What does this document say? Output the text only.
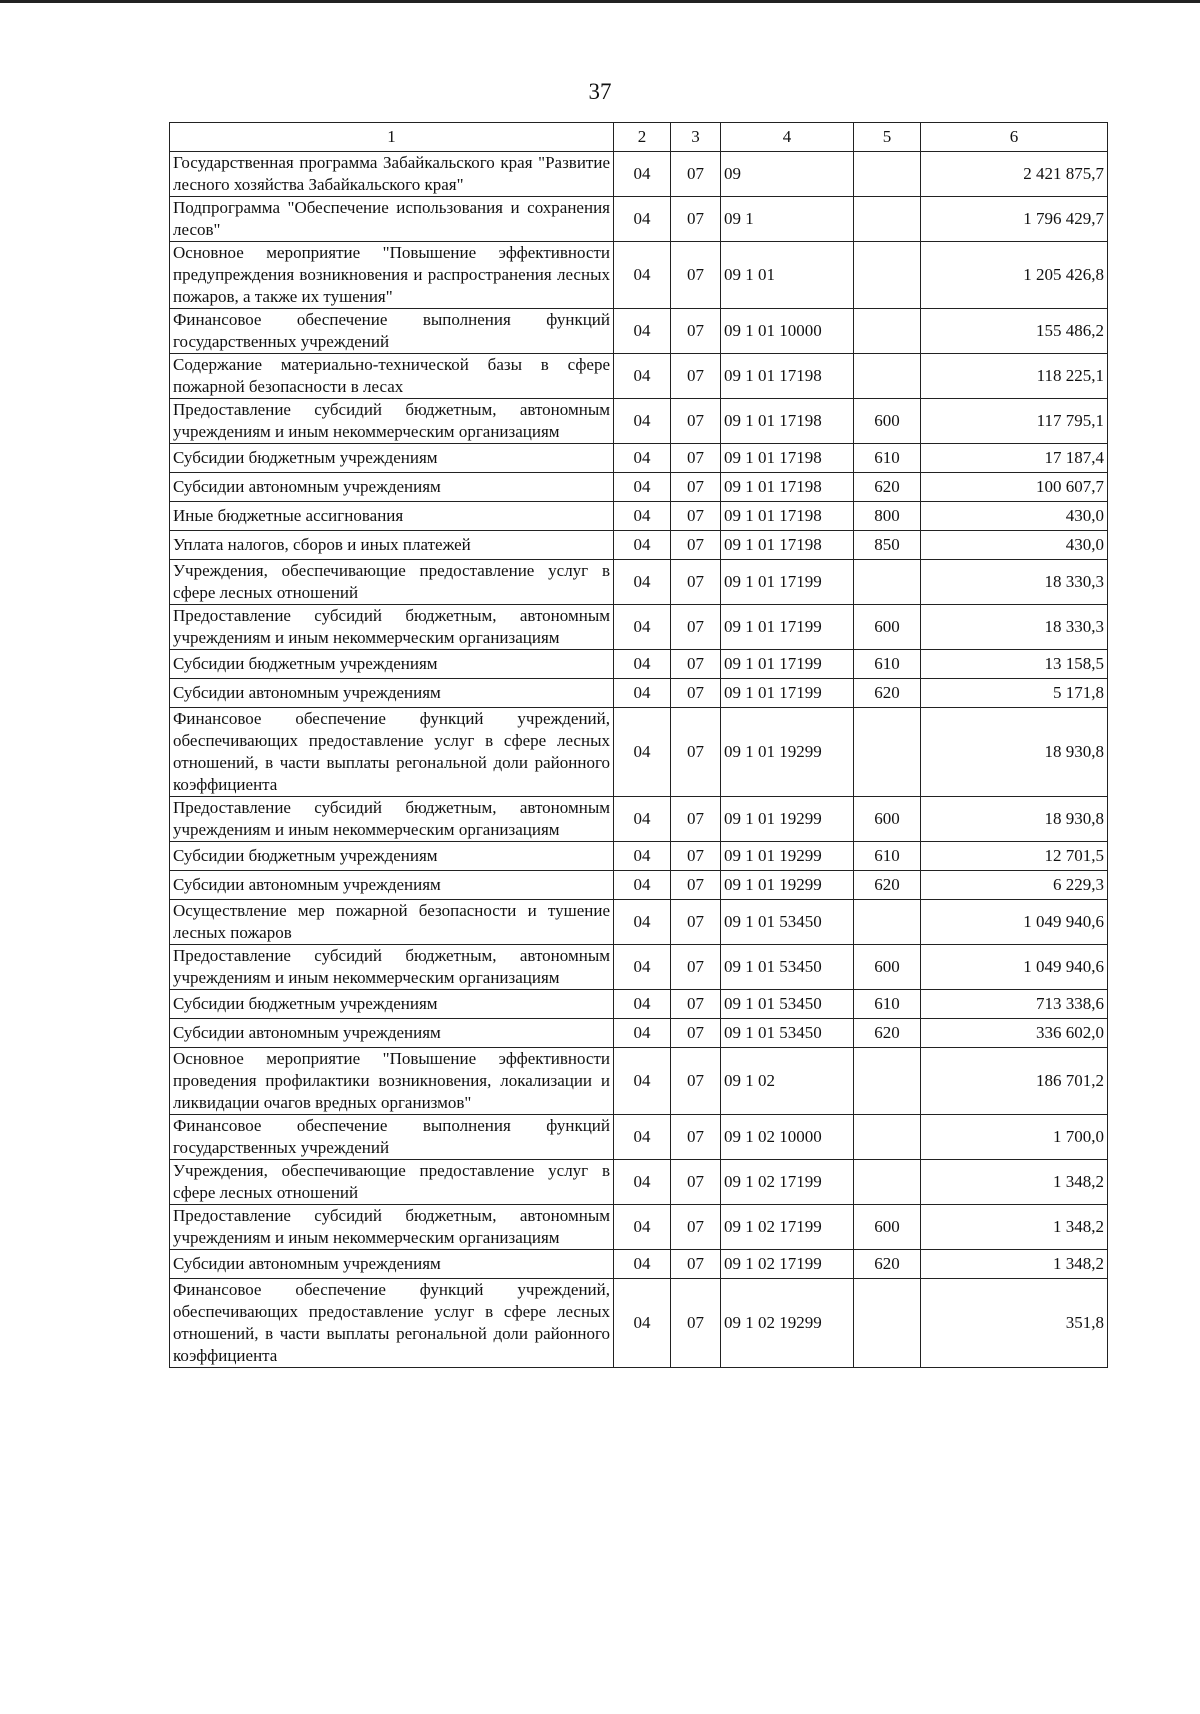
37
1	2	3	4	5	6
Государственная программа Забайкальского края "Развитие лесного хозяйства Забайкальского края"	04	07	09		2 421 875,7
Подпрограмма "Обеспечение использования и сохранения лесов"	04	07	09 1		1 796 429,7
Основное мероприятие "Повышение эффективности предупреждения возникновения и распространения лесных пожаров, а также их тушения"	04	07	09 1 01		1 205 426,8
Финансовое обеспечение выполнения функций государственных учреждений	04	07	09 1 01 10000		155 486,2
Содержание материально-технической базы в сфере пожарной безопасности в лесах	04	07	09 1 01 17198		118 225,1
Предоставление субсидий бюджетным, автономным учреждениям и иным некоммерческим организациям	04	07	09 1 01 17198	600	117 795,1
Субсидии бюджетным учреждениям	04	07	09 1 01 17198	610	17 187,4
Субсидии автономным учреждениям	04	07	09 1 01 17198	620	100 607,7
Иные бюджетные ассигнования	04	07	09 1 01 17198	800	430,0
Уплата налогов, сборов и иных платежей	04	07	09 1 01 17198	850	430,0
Учреждения, обеспечивающие предоставление услуг в сфере лесных отношений	04	07	09 1 01 17199		18 330,3
Предоставление субсидий бюджетным, автономным учреждениям и иным некоммерческим организациям	04	07	09 1 01 17199	600	18 330,3
Субсидии бюджетным учреждениям	04	07	09 1 01 17199	610	13 158,5
Субсидии автономным учреждениям	04	07	09 1 01 17199	620	5 171,8
Финансовое обеспечение функций учреждений, обеспечивающих предоставление услуг в сфере лесных отношений, в части выплаты регональной доли районного коэффициента	04	07	09 1 01 19299		18 930,8
Предоставление субсидий бюджетным, автономным учреждениям и иным некоммерческим организациям	04	07	09 1 01 19299	600	18 930,8
Субсидии бюджетным учреждениям	04	07	09 1 01 19299	610	12 701,5
Субсидии автономным учреждениям	04	07	09 1 01 19299	620	6 229,3
Осуществление мер пожарной безопасности и тушение лесных пожаров	04	07	09 1 01 53450		1 049 940,6
Предоставление субсидий бюджетным, автономным учреждениям и иным некоммерческим организациям	04	07	09 1 01 53450	600	1 049 940,6
Субсидии бюджетным учреждениям	04	07	09 1 01 53450	610	713 338,6
Субсидии автономным учреждениям	04	07	09 1 01 53450	620	336 602,0
Основное мероприятие "Повышение эффективности проведения профилактики возникновения, локализации и ликвидации очагов вредных организмов"	04	07	09 1 02		186 701,2
Финансовое обеспечение выполнения функций государственных учреждений	04	07	09 1 02 10000		1 700,0
Учреждения, обеспечивающие предоставление услуг в сфере лесных отношений	04	07	09 1 02 17199		1 348,2
Предоставление субсидий бюджетным, автономным учреждениям и иным некоммерческим организациям	04	07	09 1 02 17199	600	1 348,2
Субсидии автономным учреждениям	04	07	09 1 02 17199	620	1 348,2
Финансовое обеспечение функций учреждений, обеспечивающих предоставление услуг в сфере лесных отношений, в части выплаты регональной доли районного коэффициента	04	07	09 1 02 19299		351,8
